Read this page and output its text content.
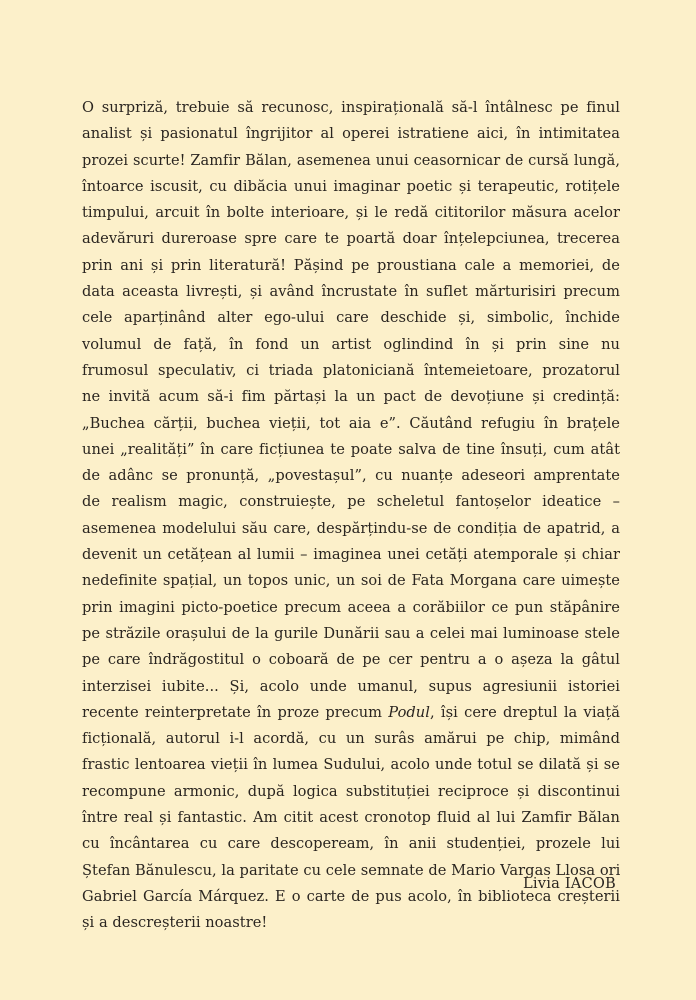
O surpriză, trebuie să recunosc, inspirațională să-l întâlnesc pe finul
analist și pasionatul îngrijitor al operei istratiene aici, în intimitatea
prozei scurte! Zamfir Bălan, asemenea unui ceasornicar de cursă lungă,
întoarce iscusit, cu dibăcia unui imaginar poetic și terapeutic, rotițele
timpului, arcuit în bolte interioare, și le redă cititorilor măsura acelor
adevăruri dureroase spre care te poartă doar înțelepciunea, trecerea
prin ani și prin literatură! Pășind pe proustiana cale a memoriei, de
data aceasta livrești, și având încrustate în suflet mărturisiri precum
cele aparținând alter ego-ului care deschide și, simbolic, închide
volumul de față, în fond un artist oglindind în și prin sine nu
frumosul speculativ, ci triada platoniciană întemeietoare, prozatorul
ne invită acum să-i fim părtași la un pact de devoțiune și credință:
„Buchea cărții, buchea vieții, tot aia e”. Căutând refugiu în brațele
unei „realități” în care ficțiunea te poate salva de tine însuți, cum atât
de adânc se pronunță, „povestașul”, cu nuanțe adeseori amprentate
de realism magic, construiește, pe scheletul fantoșelor ideatice –
asemenea modelului său care, despărțindu-se de condiția de apatrid, a
devenit un cetățean al lumii – imaginea unei cetăți atemporale și chiar
nedefinite spațial, un topos unic, un soi de Fata Morgana care uimește
prin imagini picto-poetice precum aceea a corăbiilor ce pun stăpânire
pe străzile orașului de la gurile Dunării sau a celei mai luminoase stele
pe care îndrăgostitul o coboară de pe cer pentru a o așeza la gâtul
interzisei iubite... Și, acolo unde umanul, supus agresiunii istoriei
recente reinterpretate în proze precum Podul, își cere dreptul la viață
ficțională, autorul i-l acordă, cu un surâs amărui pe chip, mimând
frastic lentoarea vieții în lumea Sudului, acolo unde totul se dilată și se
recompune armonic, după logica substituției reciproce și discontinui
între real și fantastic. Am citit acest cronotop fluid al lui Zamfir Bălan
cu încântarea cu care descopeream, în anii studenției, prozele lui
Ștefan Bănulescu, la paritate cu cele semnate de Mario Vargas Llosa ori
Gabriel García Márquez. E o carte de pus acolo, în biblioteca creșterii
și a descreșterii noastre!
Livia IACOB
